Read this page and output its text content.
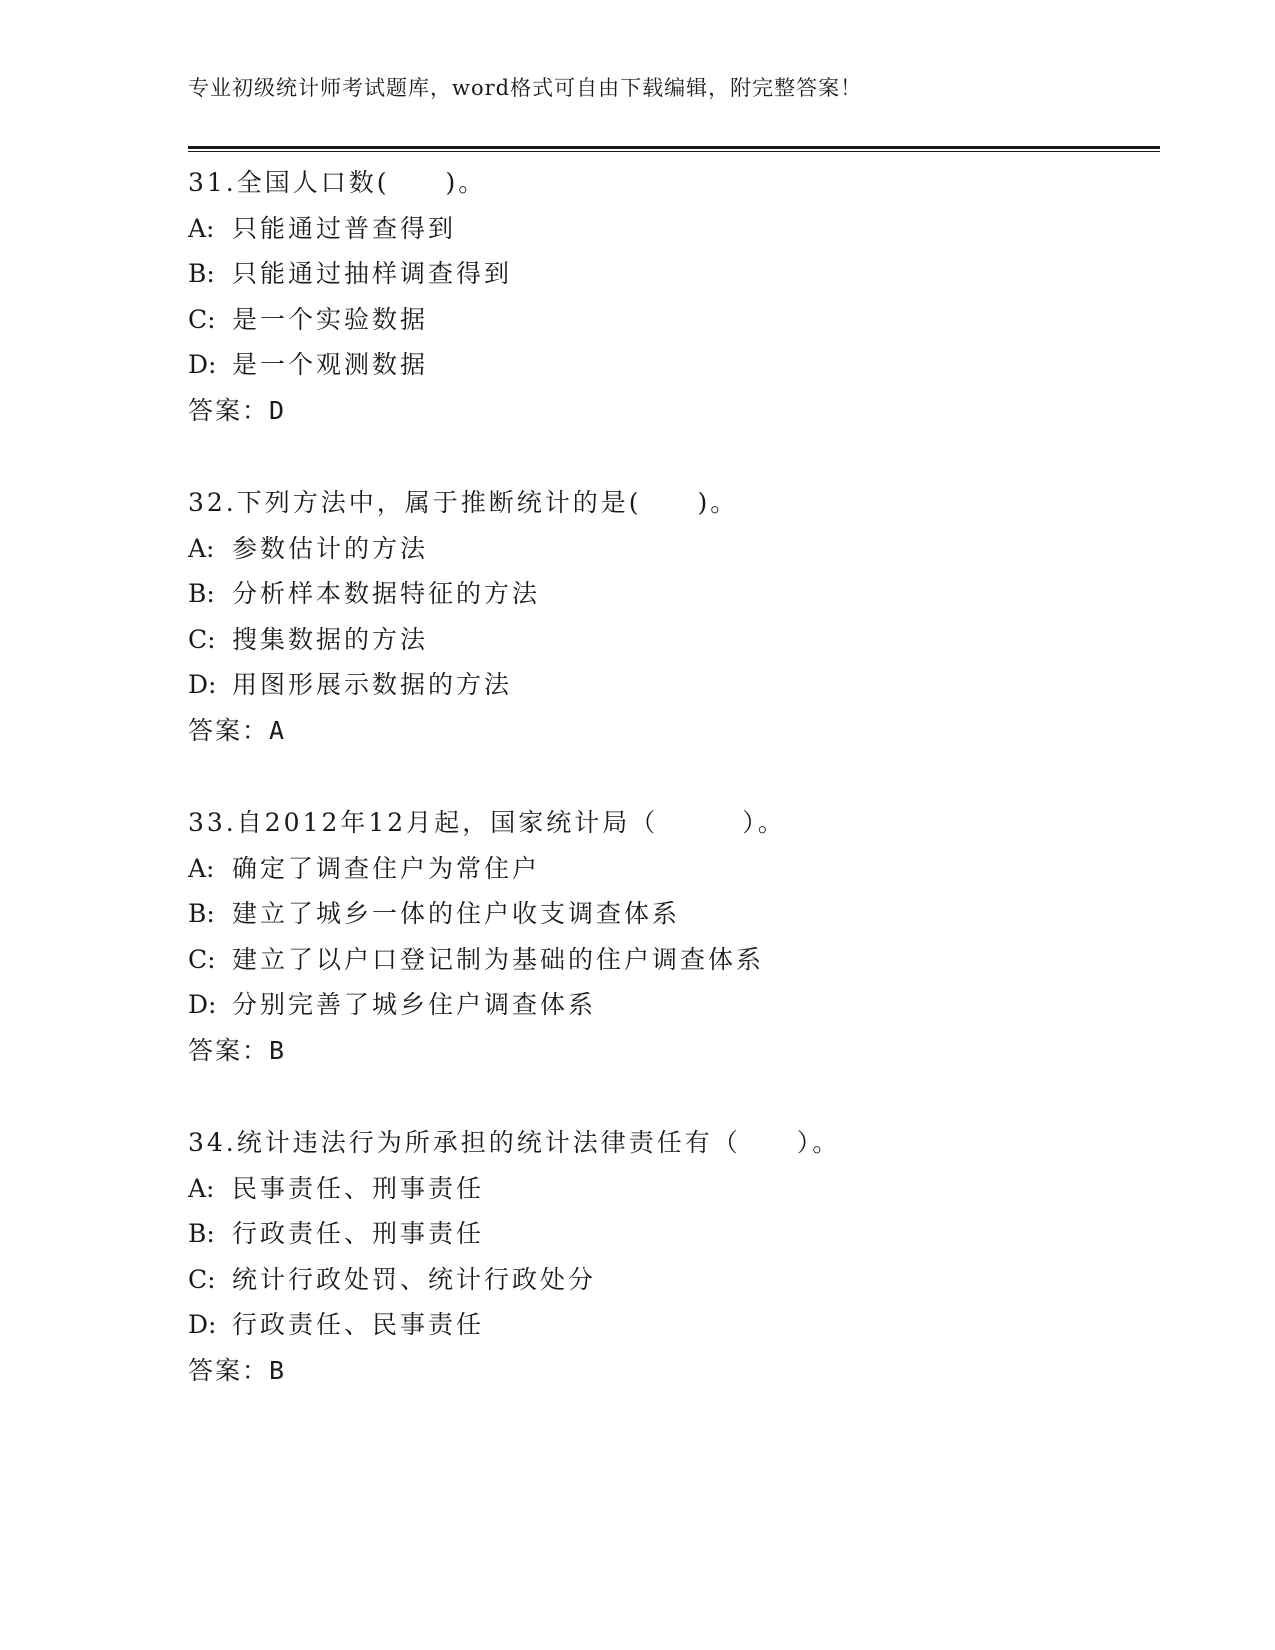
专业初级统计师考试题库，word格式可自由下载编辑，附完整答案！
31.全国人口数(　　)。
A: 只能通过普查得到
B: 只能通过抽样调查得到
C: 是一个实验数据
D: 是一个观测数据
答案：D
32.下列方法中，属于推断统计的是(　　)。
A: 参数估计的方法
B: 分析样本数据特征的方法
C: 搜集数据的方法
D: 用图形展示数据的方法
答案：A
33.自2012年12月起，国家统计局（　　　）。
A: 确定了调查住户为常住户
B: 建立了城乡一体的住户收支调查体系
C: 建立了以户口登记制为基础的住户调查体系
D: 分别完善了城乡住户调查体系
答案：B
34.统计违法行为所承担的统计法律责任有（　　）。
A: 民事责任、刑事责任
B: 行政责任、刑事责任
C: 统计行政处罚、统计行政处分
D: 行政责任、民事责任
答案：B
